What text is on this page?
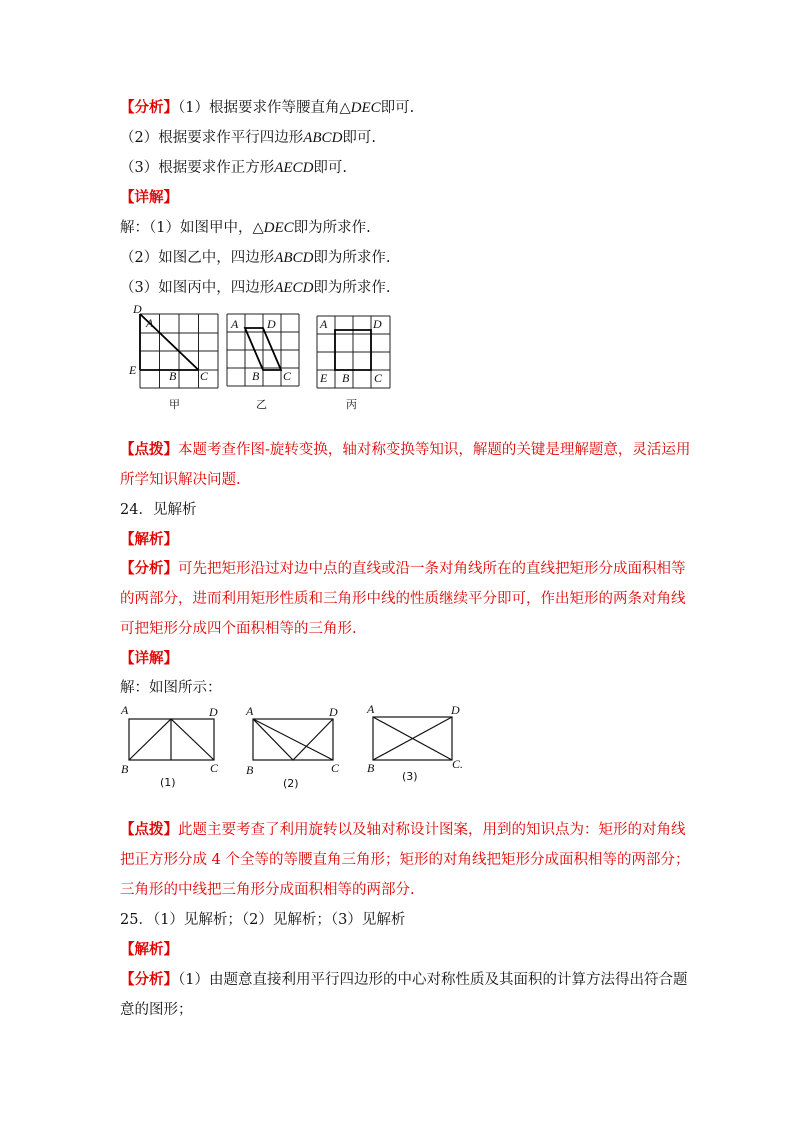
【分析】（1）根据要求作等腰直角△DEC即可.
（2）根据要求作平行四边形ABCD即可.
（3）根据要求作正方形AECD即可.
【详解】
解：（1）如图甲中，△DEC即为所求作.
（2）如图乙中，四边形ABCD即为所求作.
（3）如图丙中，四边形AECD即为所求作.
D
A
E	B C
甲
A D
B C
乙
A	D
E B C
丙
【点拨】本题考查作图-旋转变换，轴对称变换等知识，解题的关键是理解题意，灵活运用
所学知识解决问题.
24．见解析
【解析】
【分析】可先把矩形沿过对边中点的直线或沿一条对角线所在的直线把矩形分成面积相等
的两部分，进而利用矩形性质和三角形中线的性质继续平分即可，作出矩形的两条对角线
可把矩形分成四个面积相等的三角形.
【详解】
解：如图所示：
A	D
B	C
(1)
A	D
B	C
(2)
A	D
B	C.
(3)
【点拨】此题主要考查了利用旋转以及轴对称设计图案，用到的知识点为：矩形的对角线
把正方形分成 4 个全等的等腰直角三角形；矩形的对角线把矩形分成面积相等的两部分；
三角形的中线把三角形分成面积相等的两部分.
25．（1）见解析；（2）见解析；（3）见解析
【解析】
【分析】（1）由题意直接利用平行四边形的中心对称性质及其面积的计算方法得出符合题
意的图形；
